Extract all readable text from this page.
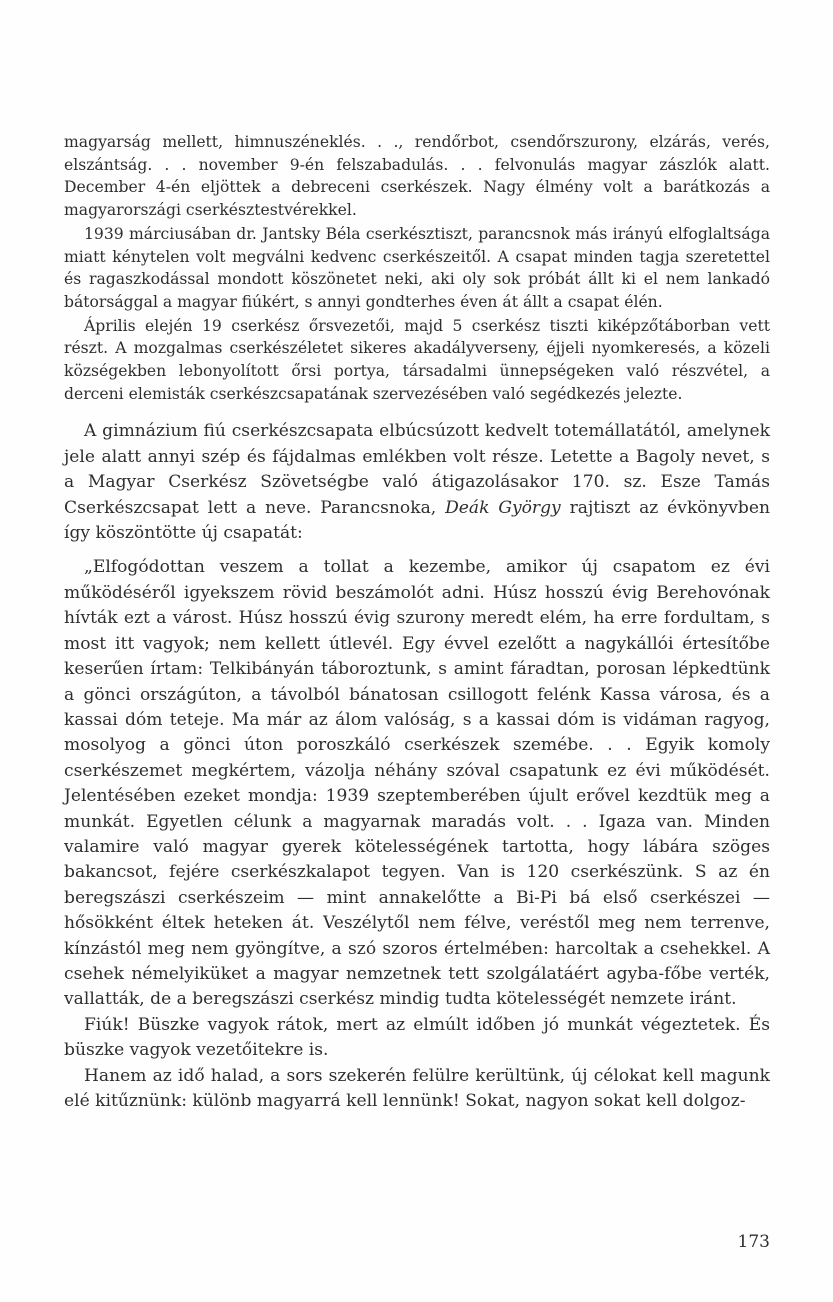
magyarság mellett, himnuszéneklés. . ., rendőrbot, csendőrszurony, elzárás, verés, elszántság. . . november 9-én felszabadulás. . . felvonulás magyar zászlók alatt. December 4-én eljöttek a debreceni cserkészek. Nagy élmény volt a barátkozás a magyarországi cserkésztestvérekkel.

1939 márciusában dr. Jantsky Béla cserkésztiszt, parancsnok más irányú elfoglaltsága miatt kénytelen volt megválni kedvenc cserkészeitől. A csapat minden tagja szeretettel és ragaszkodással mondott köszönetet neki, aki oly sok próbát állt ki el nem lankadó bátorsággal a magyar fiúkért, s annyi gondterhes éven át állt a csapat élén.

Április elején 19 cserkész őrsvezetői, majd 5 cserkész tiszti kiképzőtáborban vett részt. A mozgalmas cserkészéletet sikeres akadályverseny, éjjeli nyomkeresés, a közeli községekben lebonyolított őrsi portya, társadalmi ünnepségeken való részvétel, a derceni elemisták cserkészcsapatának szervezésében való segédkezés jelezte.

A gimnázium fiú cserkészcsapata elbúcsúzott kedvelt totemállatától, amelynek jele alatt annyi szép és fájdalmas emlékben volt része. Letette a Bagoly nevet, s a Magyar Cserkész Szövetségbe való átigazolásakor 170. sz. Esze Tamás Cserkészcsapat lett a neve. Parancsnoka, Deák György rajtiszt az évkönyvben így köszöntötte új csapatát:

„Elfogódottan veszem a tollat a kezembe, amikor új csapatom ez évi működéséről igyekszem rövid beszámolót adni. Húsz hosszú évig Berehovónak hívták ezt a várost. Húsz hosszú évig szurony meredt elém, ha erre fordultam, s most itt vagyok; nem kellett útlevél. Egy évvel ezelőtt a nagykállói értesítőbe keserűen írtam: Telkibányán táboroztunk, s amint fáradtan, porosan lépkedtünk a gönci országúton, a távolból bánatosan csillogott felénk Kassa városa, és a kassai dóm teteje. Ma már az álom valóság, s a kassai dóm is vidáman ragyog, mosolyog a gönci úton poroszkáló cserkészek szemébe. . . Egyik komoly cserkészemet megkértem, vázolja néhány szóval csapatunk ez évi működését. Jelentésében ezeket mondja: 1939 szeptemberében újult erővel kezdtük meg a munkát. Egyetlen célunk a magyarnak maradás volt. . . Igaza van. Minden valamire való magyar gyerek kötelességének tartotta, hogy lábára szöges bakancsot, fejére cserkészkalapot tegyen. Van is 120 cserkészünk. S az én beregszászi cserkészeim — mint annakelőtte a Bi-Pi bá első cserkészei — hősökként éltek heteken át. Veszélytől nem félve, veréstől meg nem terrenve, kínzástól meg nem gyöngítve, a szó szoros értelmében: harcoltak a csehekkel. A csehek némelyiküket a magyar nemzetnek tett szolgálatáért agyba-főbe verték, vallatták, de a beregszászi cserkész mindig tudta kötelességét nemzete iránt.

Fiúk! Büszke vagyok rátok, mert az elmúlt időben jó munkát végeztetek. És büszke vagyok vezetőitekre is.

Hanem az idő halad, a sors szekerén felülre kerültünk, új célokat kell magunk elé kitűznünk: különb magyarrá kell lennünk! Sokat, nagyon sokat kell dolgoz-

173
